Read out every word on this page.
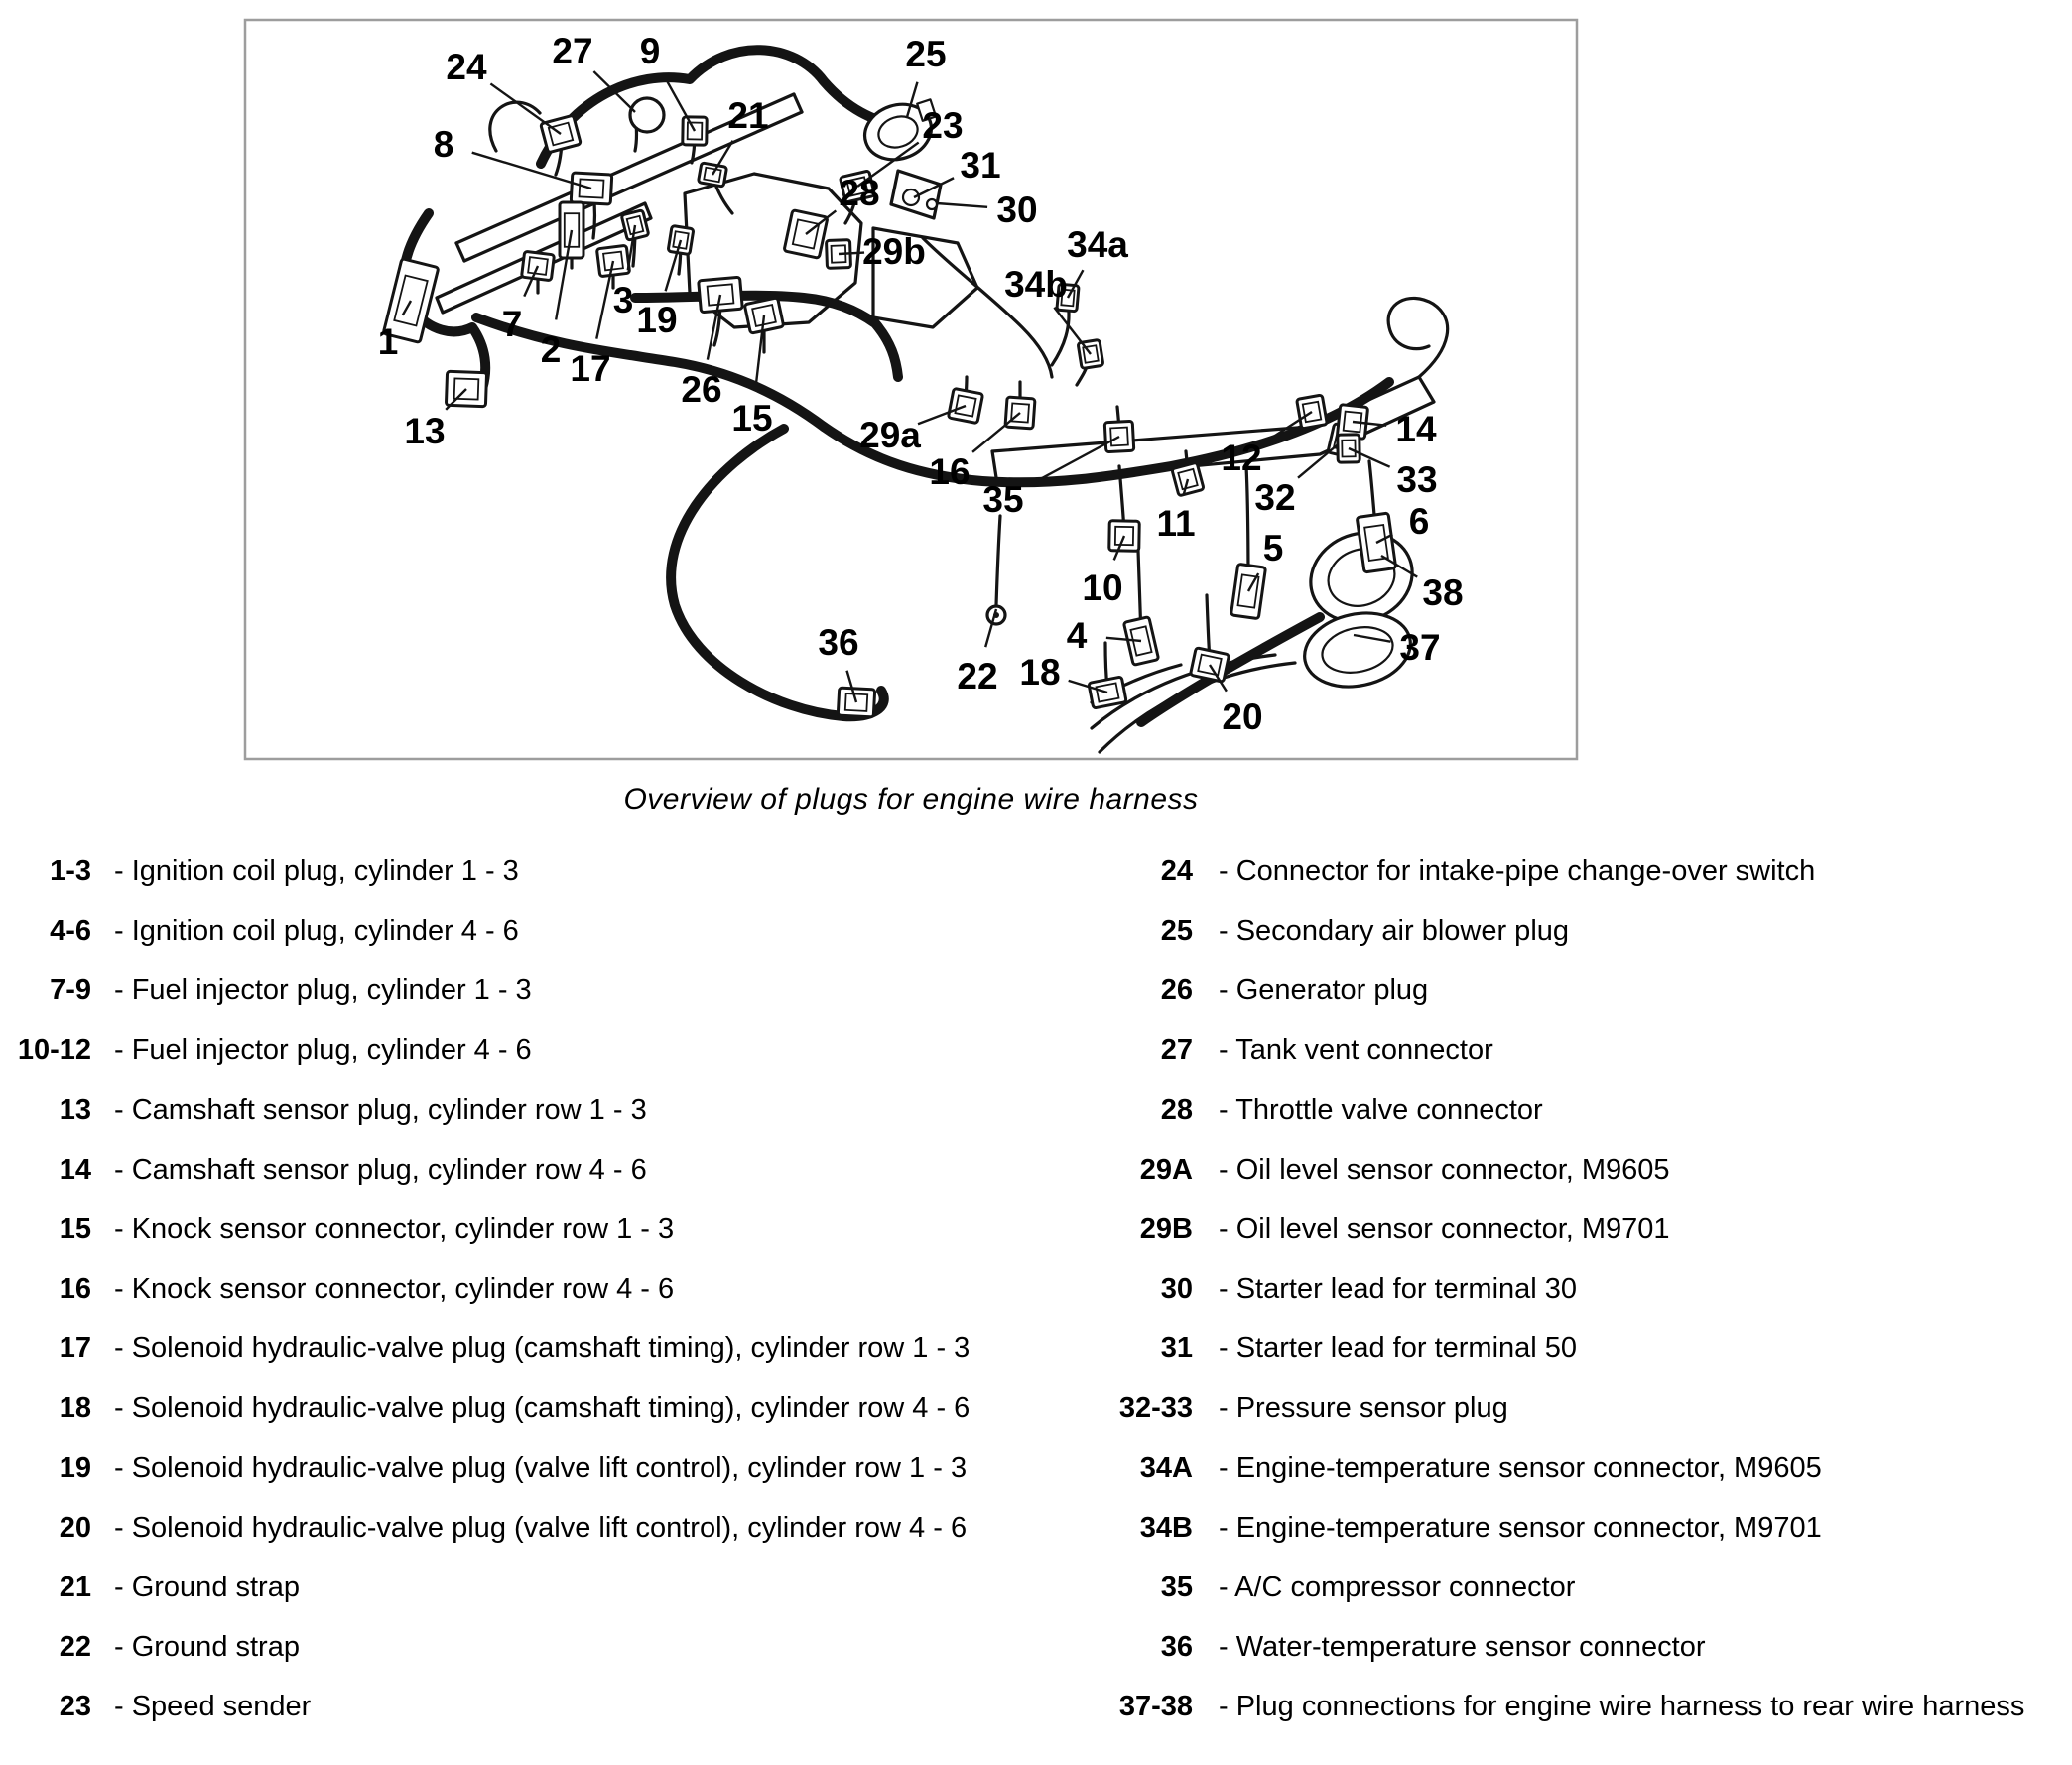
24 27 9	25
23
21
8
31
30
28
34a
29b
34b
1	7
2 17
3 19
13
26
15 29a
16
35
12
32
14
33
6
11
5
10	38
4	37
36
22 18
20
Overview of plugs for engine wire harness
1-3 - Ignition coil plug, cylinder 1 - 3
4-6 - Ignition coil plug, cylinder 4 - 6
7-9 - Fuel injector plug, cylinder 1 - 3
10-12 - Fuel injector plug, cylinder 4 - 6
13 - Camshaft sensor plug, cylinder row 1 - 3
14 - Camshaft sensor plug, cylinder row 4 - 6
15 - Knock sensor connector, cylinder row 1 - 3
16 - Knock sensor connector, cylinder row 4 - 6
17 - Solenoid hydraulic-valve plug (camshaft timing), cylinder row 1 - 3
18 - Solenoid hydraulic-valve plug (camshaft timing), cylinder row 4 - 6
19 - Solenoid hydraulic-valve plug (valve lift control), cylinder row 1 - 3
20 - Solenoid hydraulic-valve plug (valve lift control), cylinder row 4 - 6
21 - Ground strap
22 - Ground strap
23 - Speed sender
24 - Connector for intake-pipe change-over switch
25 - Secondary air blower plug
26 - Generator plug
27 - Tank vent connector
28 - Throttle valve connector
29A - Oil level sensor connector, M9605
29B - Oil level sensor connector, M9701
30 - Starter lead for terminal 30
31 - Starter lead for terminal 50
32-33 - Pressure sensor plug
34A - Engine-temperature sensor connector, M9605
34B - Engine-temperature sensor connector, M9701
35 - A/C compressor connector
36 - Water-temperature sensor connector
37-38 - Plug connections for engine wire harness to rear wire harness
